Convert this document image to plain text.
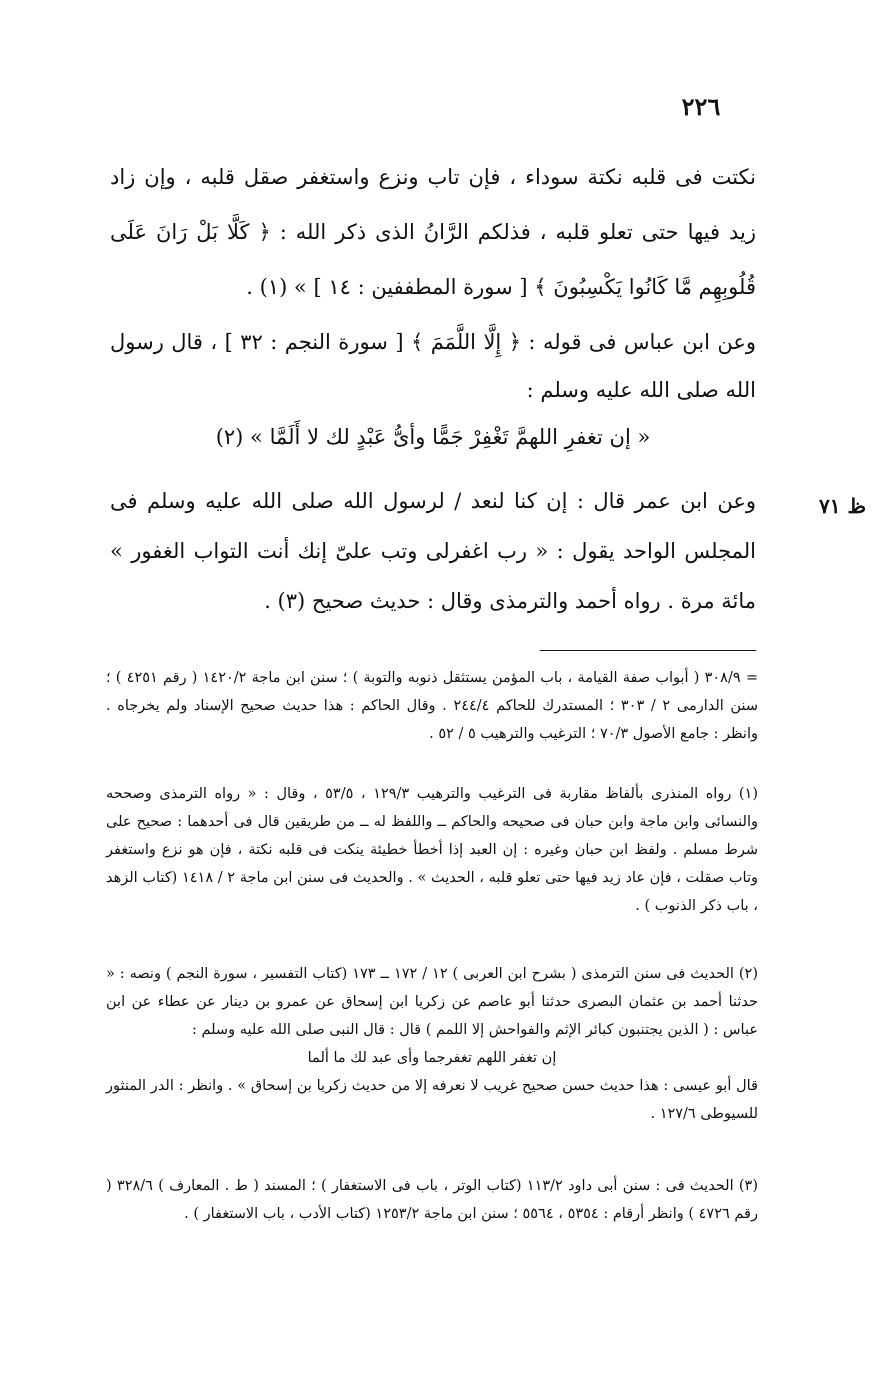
٢٢٦

نكتت فى قلبه نكتة سوداء ، فإن تاب ونزع واستغفر صقل قلبه ، وإن زاد زيد فيها حتى تعلو قلبه ، فذلكم الرَّانُ الذى ذكر الله : ﴿ كَلَّا بَلْ رَانَ عَلَى قُلُوبِهِم مَّا كَانُوا يَكْسِبُونَ ﴾ [ سورة المطففين : ١٤ ] » (١) .

وعن ابن عباس فى قوله : ﴿ إِلَّا اللَّمَمَ ﴾ [ سورة النجم : ٣٢ ] ، قال رسول الله صلى الله عليه وسلم :

« إن تغفرِ اللهمَّ تَغْفِرْ جَمًّا وأىُّ عَبْدٍ لك لا أَلَمَّا » (٢)

وعن ابن عمر قال : إن كنا لنعد / لرسول الله صلى الله عليه وسلم فى المجلس الواحد يقول : « رب اغفرلى وتب علىّ إنك أنت التواب الغفور » مائة مرة . رواه أحمد والترمذى وقال : حديث صحيح (٣) .

ظ ٧١

= ٣٠٨/٩ ( أبواب صفة القيامة ، باب المؤمن يستثقل ذنوبه والتوبة ) ؛ سنن ابن ماجة ١٤٢٠/٢ ( رقم ٤٢٥١ ) ؛ سنن الدارمى ٢ / ٣٠٣ ؛ المستدرك للحاكم ٢٤٤/٤ . وقال الحاكم : هذا حديث صحيح الإسناد ولم يخرجاه . وانظر : جامع الأصول ٧٠/٣ ؛ الترغيب والترهيب ٥ / ٥٢ .

(١) رواه المنذرى بألفاظ مقاربة فى الترغيب والترهيب ١٢٩/٣ ، ٥٣/٥ ، وقال : « رواه الترمذى وصححه والنسائى وابن ماجة وابن حبان فى صحيحه والحاكم ــ واللفظ له ــ من طريقين قال فى أحدهما : صحيح على شرط مسلم . ولفظ ابن حبان وغيره : إن العبد إذا أخطأ خطيئة ينكت فى قلبه نكتة ، فإن هو نزع واستغفر وتاب صقلت ، فإن عاد زيد فيها حتى تعلو قلبه ، الحديث » . والحديث فى سنن ابن ماجة ٢ / ١٤١٨ (كتاب الزهد ، باب ذكر الذنوب ) .

(٢) الحديث فى سنن الترمذى ( بشرح ابن العربى ) ١٢ / ١٧٢ ــ ١٧٣ (كتاب التفسير ، سورة النجم ) ونصه : « حدثنا أحمد بن عثمان البصرى حدثنا أبو عاصم عن زكريا ابن إسحاق عن عمرو بن دينار عن عطاء عن ابن عباس : ( الذين يجتنبون كبائر الإثم والفواحش إلا اللمم ) قال : قال النبى صلى الله عليه وسلم :
إن تغفر اللهم تغفرجما وأى عبد لك ما ألما
قال أبو عيسى : هذا حديث حسن صحيح غريب لا نعرفه إلا من حديث زكريا بن إسحاق » . وانظر : الدر المنثور للسيوطى ١٢٧/٦ .

(٣) الحديث فى : سنن أبى داود ١١٣/٢ (كتاب الوتر ، باب فى الاستغفار ) ؛ المسند ( ط . المعارف ) ٣٢٨/٦ ( رقم ٤٧٢٦ ) وانظر أرقام : ٥٣٥٤ ، ٥٥٦٤ ؛ سنن ابن ماجة ١٢٥٣/٢ (كتاب الأدب ، باب الاستغفار ) .
